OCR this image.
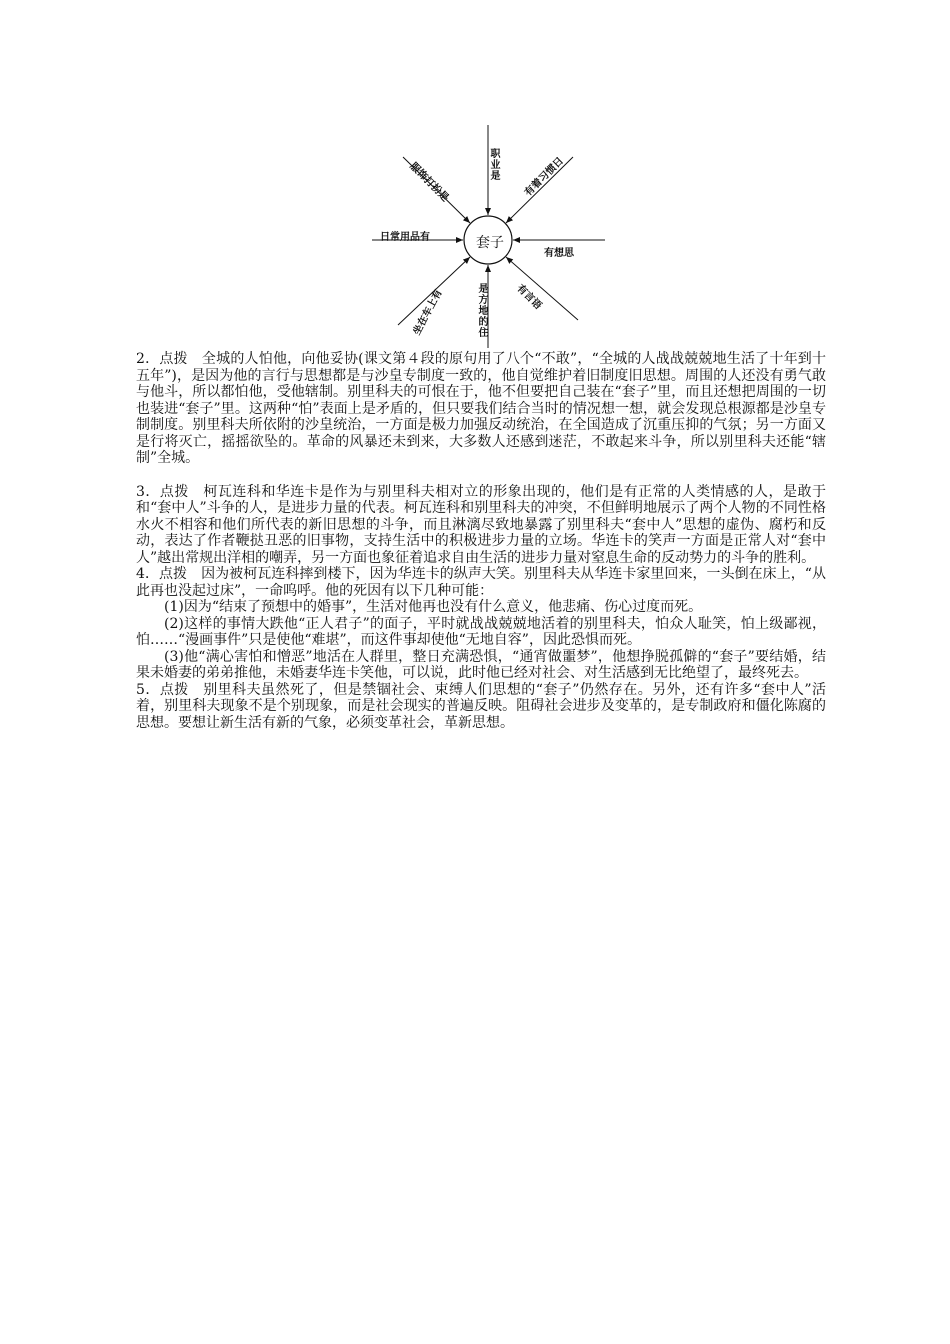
套子
职业是 有着习惯日
有想思
有言语
是方地的住
坐在车上有
日常用品有
服饰打扮是

2．点拨　全城的人怕他，向他妥协(课文第４段的原句用了八个“不敢”，“全城的人战战兢兢地生活了十年到十五年”)，是因为他的言行与思想都是与沙皇专制度一致的，他自觉维护着旧制度旧思想。周围的人还没有勇气敢与他斗，所以都怕他，受他辖制。别里科夫的可恨在于，他不但要把自己装在“套子”里，而且还想把周围的一切也装进“套子”里。这两种“怕”表面上是矛盾的，但只要我们结合当时的情况想一想，就会发现总根源都是沙皇专制制度。别里科夫所依附的沙皇统治，一方面是极力加强反动统治，在全国造成了沉重压抑的气氛；另一方面又是行将灭亡，摇摇欲坠的。革命的风暴还未到来，大多数人还感到迷茫，不敢起来斗争，所以别里科夫还能“辖制”全城。

3．点拨　柯瓦连科和华连卡是作为与别里科夫相对立的形象出现的，他们是有正常的人类情感的人，是敢于和“套中人”斗争的人，是进步力量的代表。柯瓦连科和别里科夫的冲突，不但鲜明地展示了两个人物的不同性格水火不相容和他们所代表的新旧思想的斗争，而且淋漓尽致地暴露了别里科夫“套中人”思想的虚伪、腐朽和反动，表达了作者鞭挞丑恶的旧事物，支持生活中的积极进步力量的立场。华连卡的笑声一方面是正常人对“套中人”越出常规出洋相的嘲弄，另一方面也象征着追求自由生活的进步力量对窒息生命的反动势力的斗争的胜利。

4．点拨　因为被柯瓦连科摔到楼下，因为华连卡的纵声大笑。别里科夫从华连卡家里回来，一头倒在床上，“从此再也没起过床”，一命呜呼。他的死因有以下几种可能：

(1)因为“结束了预想中的婚事”，生活对他再也没有什么意义，他悲痛、伤心过度而死。

(2)这样的事情大跌他“正人君子”的面子，平时就战战兢兢地活着的别里科夫，怕众人耻笑，怕上级鄙视，怕……“漫画事件”只是使他“难堪”，而这件事却使他“无地自容”，因此恐惧而死。

(3)他“满心害怕和憎恶”地活在人群里，整日充满恐惧，“通宵做噩梦”，他想挣脱孤僻的“套子”要结婚，结果未婚妻的弟弟推他，未婚妻华连卡笑他，可以说，此时他已经对社会、对生活感到无比绝望了，最终死去。

5．点拨　别里科夫虽然死了，但是禁锢社会、束缚人们思想的“套子”仍然存在。另外，还有许多“套中人”活着，别里科夫现象不是个别现象，而是社会现实的普遍反映。阻碍社会进步及变革的，是专制政府和僵化陈腐的思想。要想让新生活有新的气象，必须变革社会，革新思想。
